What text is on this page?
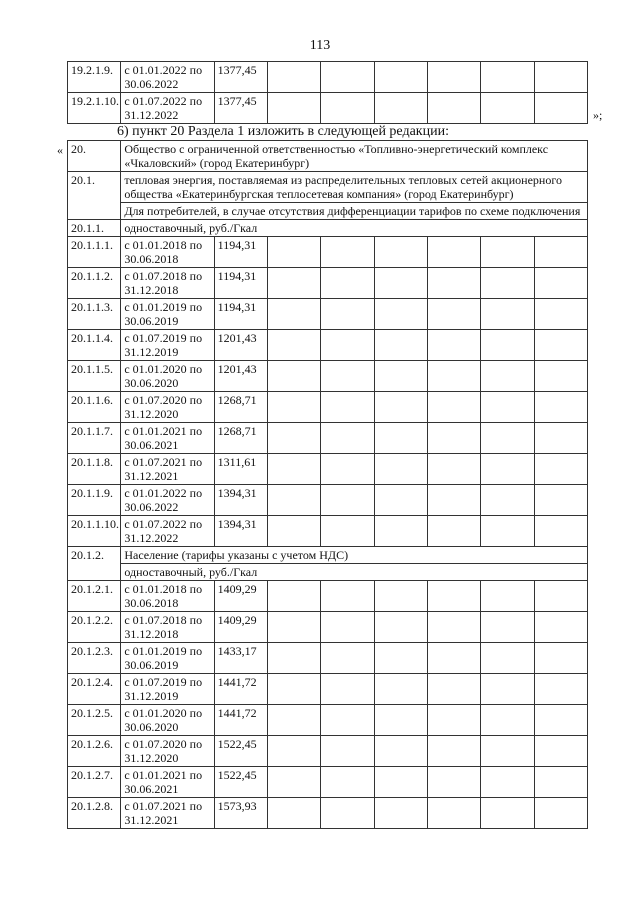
113
19.2.1.9.	с 01.01.2022 по 30.06.2022	1377,45						
19.2.1.10.	с 01.07.2022 по 31.12.2022	1377,45						
»;
6) пункт 20 Раздела 1 изложить в следующей редакции:
« 20.	Общество с ограниченной ответственностью «Топливно-энергетический комплекс «Чкаловский» (город Екатеринбург)							
20.1.	тепловая энергия, поставляемая из распределительных тепловых сетей акционерного общества «Екатеринбургская теплосетевая компания» (город Екатеринбург)							
	Для потребителей, в случае отсутствия дифференциации тарифов по схеме подключения							
20.1.1.	одноставочный, руб./Гкал							
20.1.1.1.	с 01.01.2018 по 30.06.2018	1194,31						
20.1.1.2.	с 01.07.2018 по 31.12.2018	1194,31						
20.1.1.3.	с 01.01.2019 по 30.06.2019	1194,31						
20.1.1.4.	с 01.07.2019 по 31.12.2019	1201,43						
20.1.1.5.	с 01.01.2020 по 30.06.2020	1201,43						
20.1.1.6.	с 01.07.2020 по 31.12.2020	1268,71						
20.1.1.7.	с 01.01.2021 по 30.06.2021	1268,71						
20.1.1.8.	с 01.07.2021 по 31.12.2021	1311,61						
20.1.1.9.	с 01.01.2022 по 30.06.2022	1394,31						
20.1.1.10.	с 01.07.2022 по 31.12.2022	1394,31						
20.1.2.	Население (тарифы указаны с учетом НДС)							
	одноставочный, руб./Гкал							
20.1.2.1.	с 01.01.2018 по 30.06.2018	1409,29						
20.1.2.2.	с 01.07.2018 по 31.12.2018	1409,29						
20.1.2.3.	с 01.01.2019 по 30.06.2019	1433,17						
20.1.2.4.	с 01.07.2019 по 31.12.2019	1441,72						
20.1.2.5.	с 01.01.2020 по 30.06.2020	1441,72						
20.1.2.6.	с 01.07.2020 по 31.12.2020	1522,45						
20.1.2.7.	с 01.01.2021 по 30.06.2021	1522,45						
20.1.2.8.	с 01.07.2021 по 31.12.2021	1573,93						
